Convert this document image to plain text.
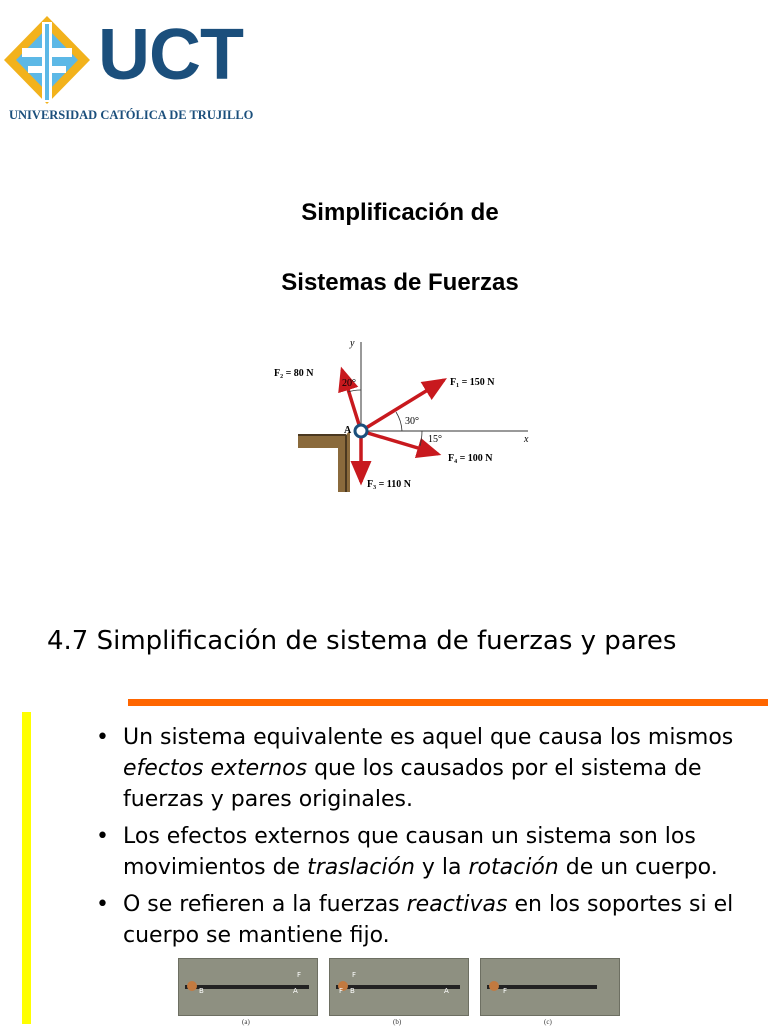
UCT
UNIVERSIDAD CATÓLICA DE TRUJILLO
Simplificación de
Sistemas de Fuerzas
y
x
A
F₁ = 150 N
F₂ = 80 N
F₃ = 110 N
F₄ = 100 N
20°
30°
15°
4.7 Simplificación de sistema de fuerzas y pares
• Un sistema equivalente es aquel que causa los mismos efectos externos que los causados por el sistema de fuerzas y pares originales.
• Los efectos externos que causan un sistema son los movimientos de traslación y la rotación de un cuerpo.
• O se refieren a la fuerzas reactivas en los soportes si el cuerpo se mantiene fijo.
B	A
F
F B
F
A	F
(a)	(b)	(c)
